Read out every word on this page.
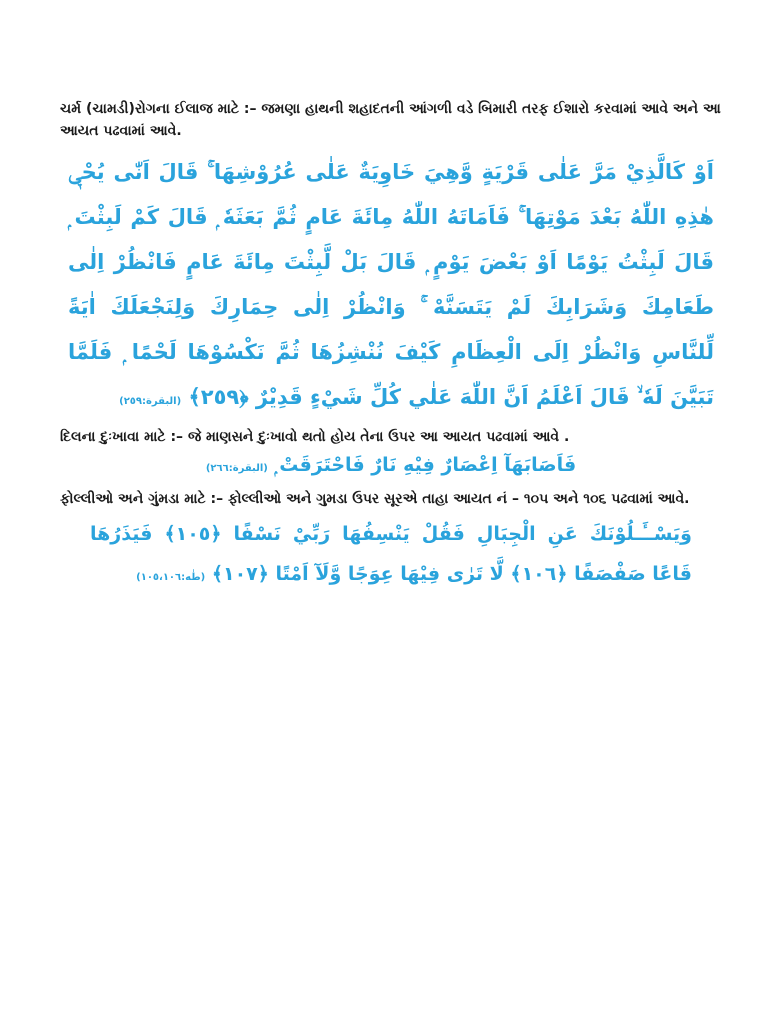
ચર્મ (ચામડી)રોગના ઈલાજ માટે :– જમણા હાથની શહાદતની આંગળી વડે બિમારી તરફ ઈશારો કરવામાં આવે અને આ આયત પઢવામાં આવે.

اَوْ كَالَّذِيْ مَرَّ عَلٰى قَرْيَةٍ وَّهِيَ خَاوِيَةٌ عَلٰى عُرُوْشِهَا ۚ قَالَ اَنّٰى يُحْيٖ هٰذِهِ اللّٰهُ بَعْدَ مَوْتِهَا ۚ فَاَمَاتَهُ اللّٰهُ مِائَةَ عَامٍ ثُمَّ بَعَثَهٗ ۭ قَالَ كَمْ لَبِثْتَ ۭ قَالَ لَبِثْتُ يَوْمًا اَوْ بَعْضَ يَوْمٍ ۭ قَالَ بَلْ لَّبِثْتَ مِائَةَ عَامٍ فَانْظُرْ اِلٰى طَعَامِكَ وَشَرَابِكَ لَمْ يَتَسَنَّهْ ۚ وَانْظُرْ اِلٰى حِمَارِكَ وَلِنَجْعَلَكَ اٰيَةً لِّلنَّاسِ وَانْظُرْ اِلَى الْعِظَامِ كَيْفَ نُنْشِزُهَا ثُمَّ نَكْسُوْهَا لَحْمًا ۭ فَلَمَّا تَبَيَّنَ لَهٗ ۙ قَالَ اَعْلَمُ اَنَّ اللّٰهَ عَلٰي كُلِّ شَيْءٍ قَدِيْرٌ ﴿٢٥٩﴾ (البقرة:٢٥٩)

દિલના દુઃખાવા માટે :– જે માણસને દુઃખાવો થતો હોય તેના ઉપર આ આયત પઢવામાં આવે .

فَاَصَابَهَآ اِعْصَارٌ فِيْهِ نَارٌ فَاحْتَرَقَتْ ۭ (البقرة:٢٦٦)

ફોલ્લીઓ અને ગુંમડા માટે :– ફોલ્લીઓ અને ગુમડા ઉપર સૂરએ તાહા આયત નં – ૧૦૫ અને ૧૦૬ પઢવામાં આવે.

وَيَسْــَٔـلُوْنَكَ عَنِ الْجِبَالِ فَقُلْ يَنْسِفُهَا رَبِّيْ نَسْفًا ﴿١٠٥﴾ فَيَذَرُهَا قَاعًا صَفْصَفًا ﴿١٠٦﴾ لَّا تَرٰى فِيْهَا عِوَجًا وَّلَآ اَمْتًا ﴿١٠٧﴾ (طٰه:١٠٥،١٠٦)
